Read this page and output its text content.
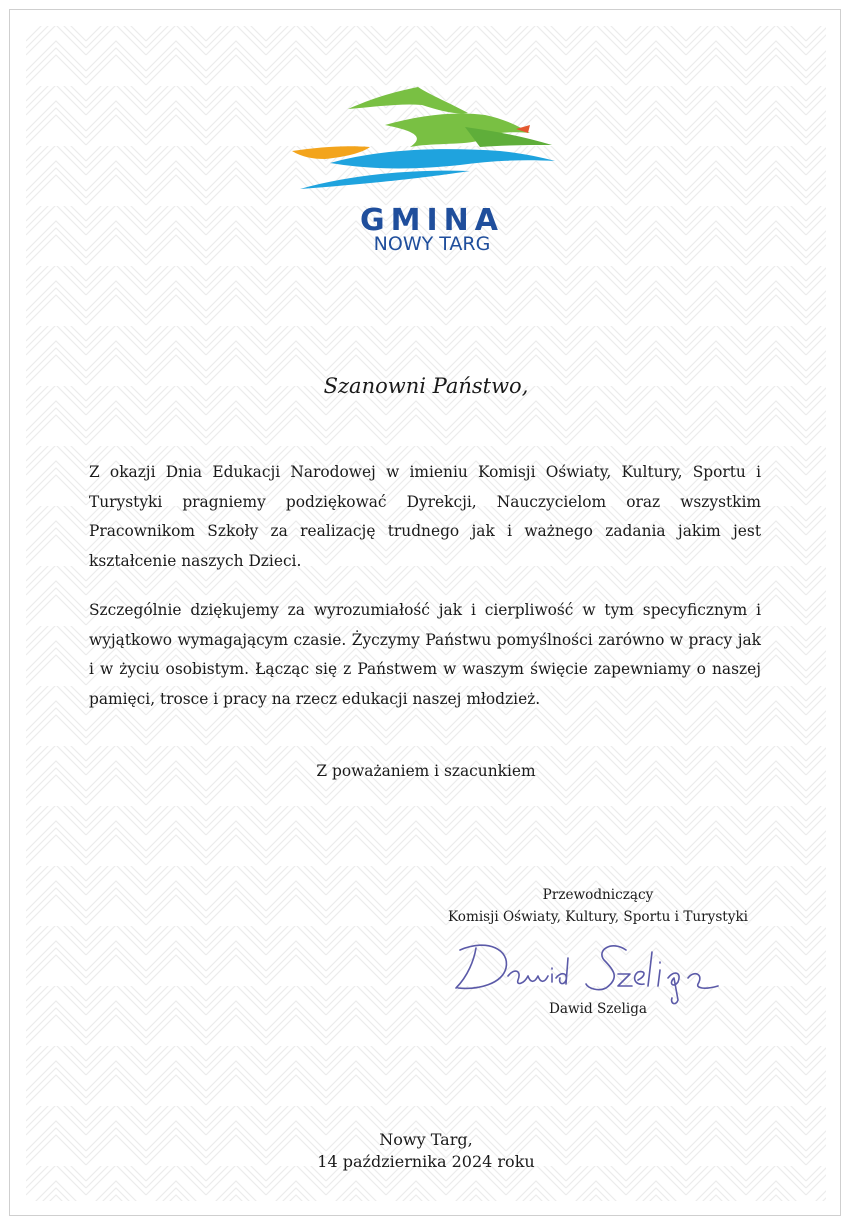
GMINA
NOWY TARG
Szanowni Państwo,
Z okazji Dnia Edukacji Narodowej w imieniu Komisji Oświaty, Kultury, Sportu i Turystyki pragniemy podziękować Dyrekcji, Nauczycielom oraz wszystkim Pracownikom Szkoły za realizację trudnego jak i ważnego zadania jakim jest kształcenie naszych Dzieci.
Szczególnie dziękujemy za wyrozumiałość jak i cierpliwość w tym specyficznym i wyjątkowo wymagającym czasie. Życzymy Państwu pomyślności zarówno w pracy jak i w życiu osobistym. Łącząc się z Państwem w waszym święcie zapewniamy o naszej pamięci, trosce i pracy na rzecz edukacji naszej młodzież.
Z poważaniem i szacunkiem
Przewodniczący
Komisji Oświaty, Kultury, Sportu i Turystyki
Dawid Szeliga
Nowy Targ,
14 października 2024 roku
